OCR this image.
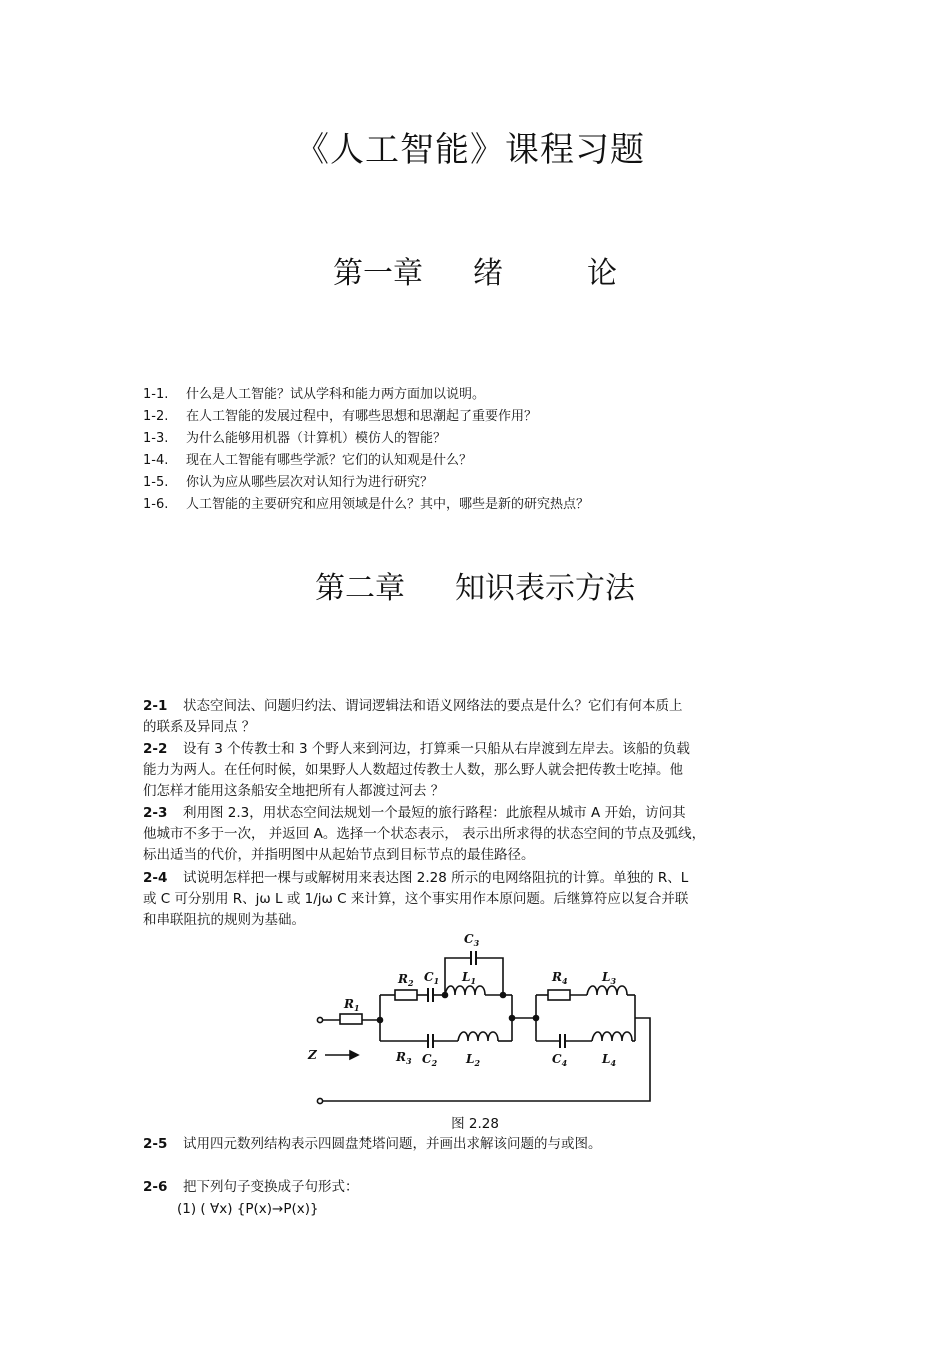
《人工智能》课程习题
第一章 绪	论
1-1. 什么是人工智能？试从学科和能力两方面加以说明。
1-2. 在人工智能的发展过程中，有哪些思想和思潮起了重要作用？
1-3. 为什么能够用机器（计算机）模仿人的智能？
1-4. 现在人工智能有哪些学派？它们的认知观是什么？
1-5. 你认为应从哪些层次对认知行为进行研究？
1-6. 人工智能的主要研究和应用领域是什么？其中，哪些是新的研究热点？
第二章 知识表示方法
2-1 状态空间法、问题归约法、谓词逻辑法和语义网络法的要点是什么？它们有何本质上
的联系及异同点 ？
2-2 设有 3 个传教士和 3 个野人来到河边，打算乘一只船从右岸渡到左岸去。该船的负载
能力为两人。在任何时候，如果野人人数超过传教士人数，那么野人就会把传教士吃掉。他
们怎样才能用这条船安全地把所有人都渡过河去 ？
2-3 利用图 2.3，用状态空间法规划一个最短的旅行路程：此旅程从城市 A 开始，访问其
他城市不多于一次， 并返回 A。选择一个状态表示， 表示出所求得的状态空间的节点及弧线，
标出适当的代价，并指明图中从起始节点到目标节点的最佳路径。
2-4 试说明怎样把一棵与或解树用来表达图 2.28 所示的电网络阻抗的计算。单独的 R、L
或 C 可分别用 R、jω L 或 1/jω C 来计算，这个事实用作本原问题。后继算符应以复合并联
和串联阻抗的规则为基础。
$C_3$
$R_2$ $C_1$ $L_1$	$R_4$	$L_3$
$R_1$
$R_3$ $C_2$ $L_2$	$C_4$	$L_4$
Z
图 2.28
2-5 试用四元数列结构表示四圆盘梵塔问题，并画出求解该问题的与或图。
2-6 把下列句子变换成子句形式：
(1) ( ∀x) {P(x)→P(x)}
